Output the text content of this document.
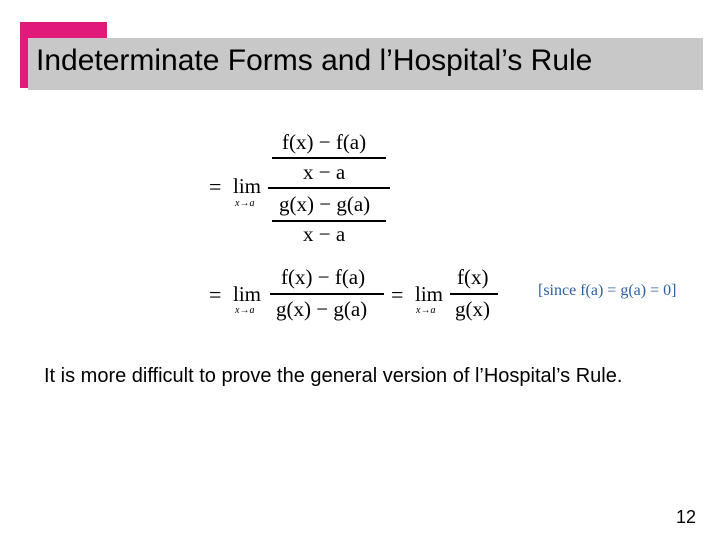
Indeterminate Forms and l’Hospital’s Rule
= lim
x→a
f(x) − f(a)
x − a
g(x) − g(a)
x − a
= lim
x→a
f(x) − f(a)
g(x) − g(a)
= lim
x→a
f(x)
g(x)
[since f(a) = g(a) = 0]
It is more difficult to prove the general version of l’Hospital’s Rule.
12
